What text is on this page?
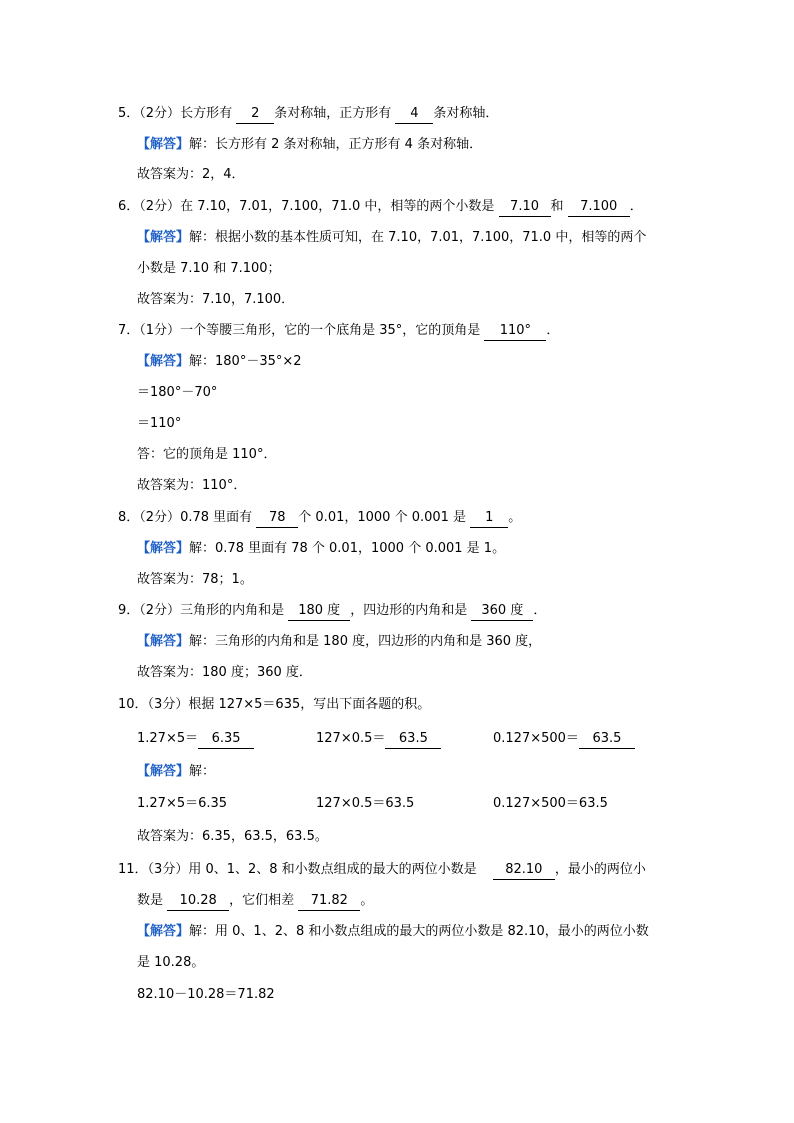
5．（2分）长方形有 2 条对称轴，正方形有 4 条对称轴．
【解答】解：长方形有 2 条对称轴，正方形有 4 条对称轴．
故答案为：2，4．
6．（2分）在 7.10，7.01，7.100，71.0 中，相等的两个小数是 7.10 和 7.100 ．
【解答】解：根据小数的基本性质可知，在 7.10，7.01，7.100，71.0 中，相等的两个
小数是 7.10 和 7.100；
故答案为：7.10，7.100．
7．（1分）一个等腰三角形，它的一个底角是 35°，它的顶角是 110° ．
【解答】解：180°－35°×2
＝180°－70°
＝110°
答：它的顶角是 110°．
故答案为：110°．
8．（2分）0.78 里面有 78 个 0.01，1000 个 0.001 是 1 。
【解答】解：0.78 里面有 78 个 0.01，1000 个 0.001 是 1。
故答案为：78；1。
9．（2分）三角形的内角和是 180 度 ，四边形的内角和是 360 度 ．
【解答】解：三角形的内角和是 180 度，四边形的内角和是 360 度，
故答案为：180 度；360 度．
10．（3分）根据 127×5＝635，写出下面各题的积。
1.27×5＝ 6.35	127×0.5＝ 63.5	0.127×500＝ 63.5
【解答】解：
1.27×5＝6.35	127×0.5＝63.5	0.127×500＝63.5
故答案为：6.35，63.5，63.5。
11．（3分）用 0、1、2、8 和小数点组成的最大的两位小数是 82.10 ，最小的两位小
数是 10.28 ，它们相差 71.82 。
【解答】解：用 0、1、2、8 和小数点组成的最大的两位小数是 82.10，最小的两位小数
是 10.28。
82.10－10.28＝71.82
